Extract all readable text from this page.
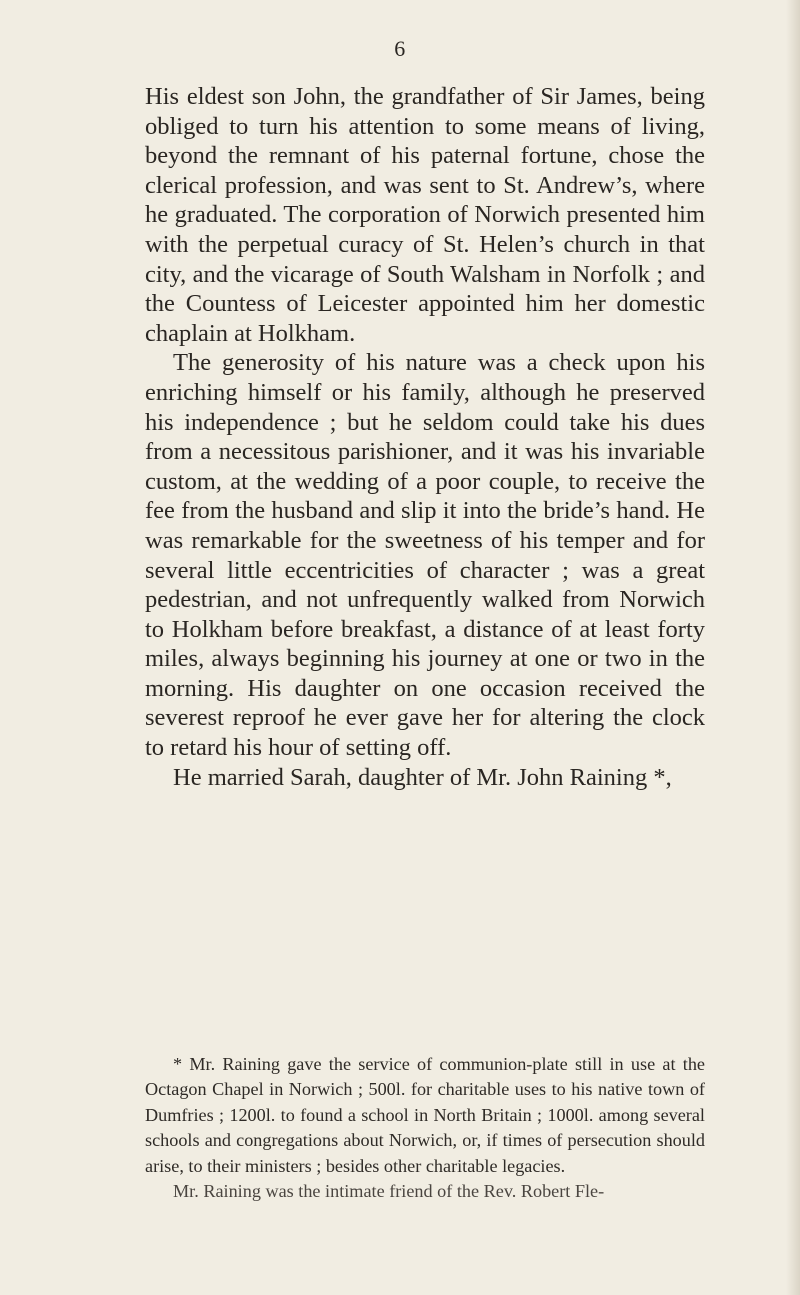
6

His eldest son John, the grandfather of Sir James, being obliged to turn his attention to some means of living, beyond the remnant of his paternal fortune, chose the clerical profession, and was sent to St. Andrew’s, where he graduated. The corporation of Norwich presented him with the perpetual curacy of St. Helen’s church in that city, and the vicarage of South Walsham in Norfolk ; and the Countess of Leicester appointed him her domestic chaplain at Holkham.

The generosity of his nature was a check upon his enriching himself or his family, although he preserved his independence ; but he seldom could take his dues from a necessitous parishioner, and it was his invariable custom, at the wedding of a poor couple, to receive the fee from the husband and slip it into the bride’s hand. He was remarkable for the sweetness of his temper and for several little eccentricities of character ; was a great pedestrian, and not unfrequently walked from Norwich to Holkham before breakfast, a distance of at least forty miles, always beginning his journey at one or two in the morning. His daughter on one occasion received the severest reproof he ever gave her for altering the clock to retard his hour of setting off.

He married Sarah, daughter of Mr. John Raining *,

* Mr. Raining gave the service of communion-plate still in use at the Octagon Chapel in Norwich ; 500l. for charitable uses to his native town of Dumfries ; 1200l. to found a school in North Britain ; 1000l. among several schools and congregations about Norwich, or, if times of persecution should arise, to their ministers ; besides other charitable legacies.

Mr. Raining was the intimate friend of the Rev. Robert Fle-
